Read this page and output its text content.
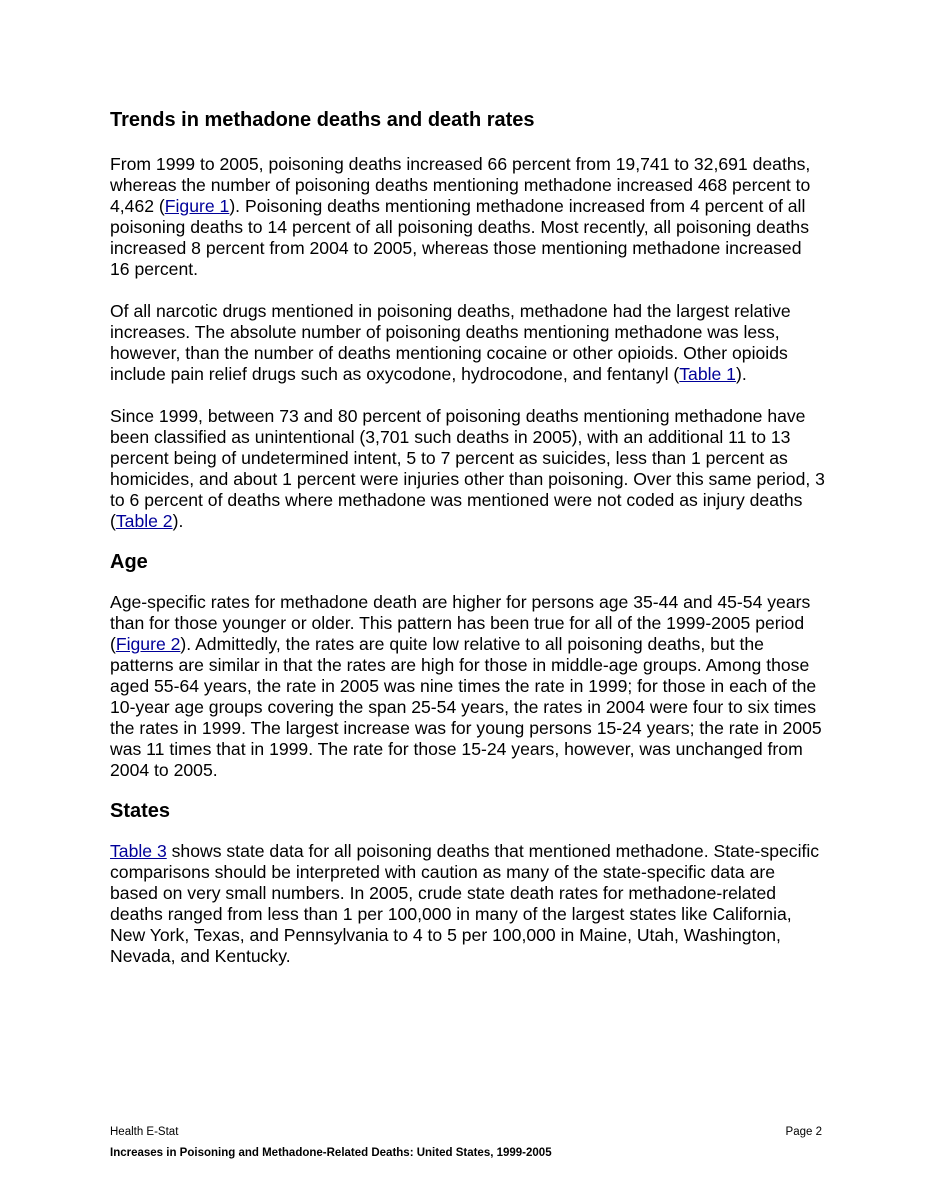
Trends in methadone deaths and death rates

From 1999 to 2005, poisoning deaths increased 66 percent from 19,741 to 32,691 deaths, whereas the number of poisoning deaths mentioning methadone increased 468 percent to 4,462 (Figure 1). Poisoning deaths mentioning methadone increased from 4 percent of all poisoning deaths to 14 percent of all poisoning deaths. Most recently, all poisoning deaths increased 8 percent from 2004 to 2005, whereas those mentioning methadone increased 16 percent.

Of all narcotic drugs mentioned in poisoning deaths, methadone had the largest relative increases. The absolute number of poisoning deaths mentioning methadone was less, however, than the number of deaths mentioning cocaine or other opioids. Other opioids include pain relief drugs such as oxycodone, hydrocodone, and fentanyl (Table 1).

Since 1999, between 73 and 80 percent of poisoning deaths mentioning methadone have been classified as unintentional (3,701 such deaths in 2005), with an additional 11 to 13 percent being of undetermined intent, 5 to 7 percent as suicides, less than 1 percent as homicides, and about 1 percent were injuries other than poisoning. Over this same period, 3 to 6 percent of deaths where methadone was mentioned were not coded as injury deaths (Table 2).

Age

Age-specific rates for methadone death are higher for persons age 35-44 and 45-54 years than for those younger or older. This pattern has been true for all of the 1999-2005 period (Figure 2). Admittedly, the rates are quite low relative to all poisoning deaths, but the patterns are similar in that the rates are high for those in middle-age groups. Among those aged 55-64 years, the rate in 2005 was nine times the rate in 1999; for those in each of the 10-year age groups covering the span 25-54 years, the rates in 2004 were four to six times the rates in 1999. The largest increase was for young persons 15-24 years; the rate in 2005 was 11 times that in 1999. The rate for those 15-24 years, however, was unchanged from 2004 to 2005.

States

Table 3 shows state data for all poisoning deaths that mentioned methadone. State-specific comparisons should be interpreted with caution as many of the state-specific data are based on very small numbers. In 2005, crude state death rates for methadone-related deaths ranged from less than 1 per 100,000 in many of the largest states like California, New York, Texas, and Pennsylvania to 4 to 5 per 100,000 in Maine, Utah, Washington, Nevada, and Kentucky.

Health E-Stat	Page 2
Increases in Poisoning and Methadone-Related Deaths: United States, 1999-2005
